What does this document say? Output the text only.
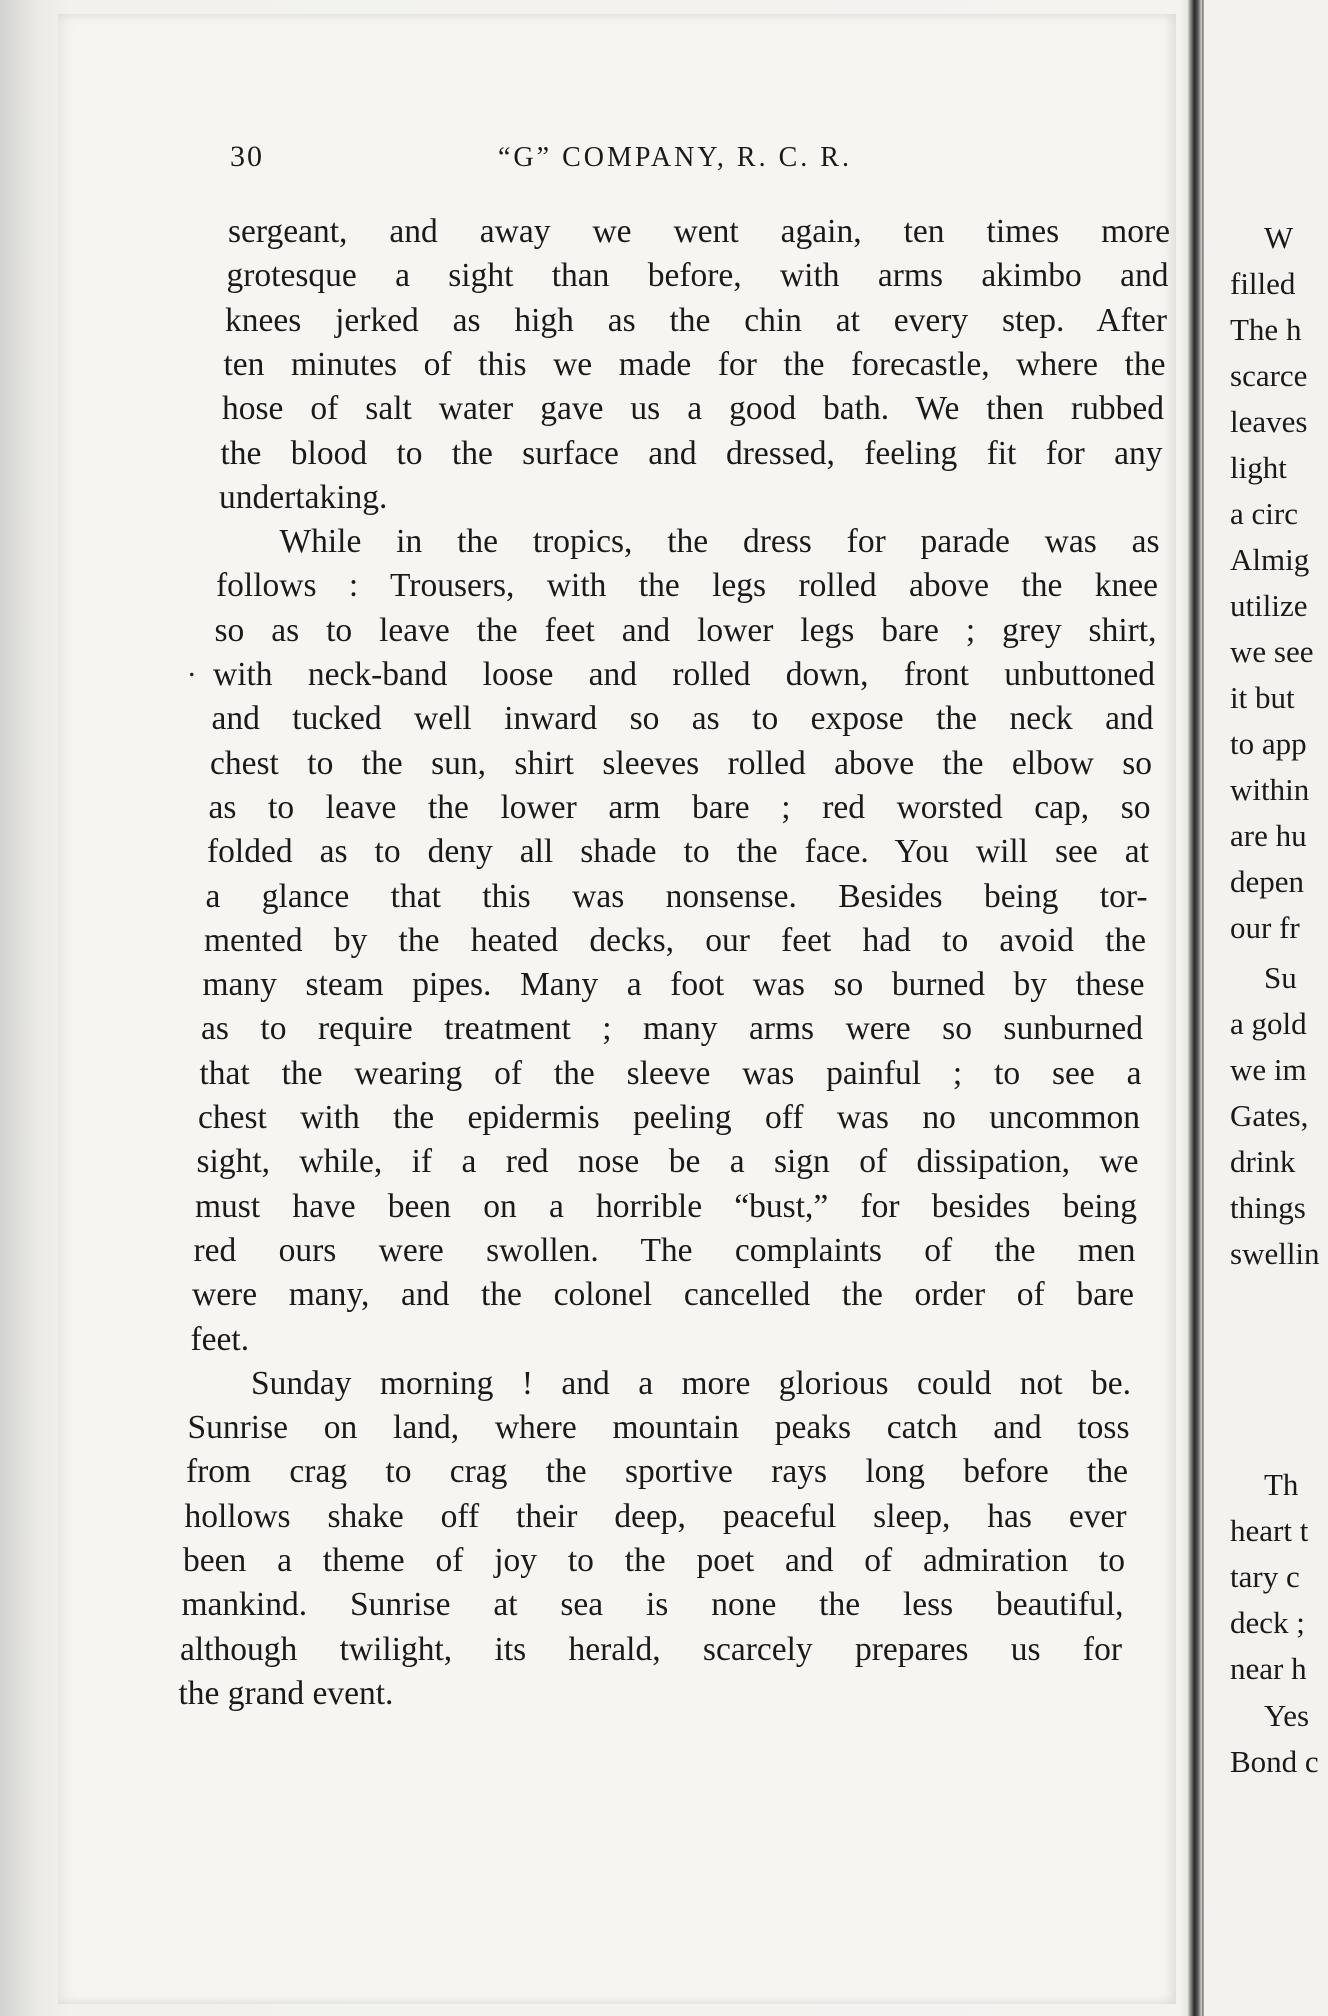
30	“G” COMPANY, R. C. R.
.
sergeant, and away we went again, ten times more
grotesque a sight than before, with arms akimbo and
knees jerked as high as the chin at every step. After
ten minutes of this we made for the forecastle, where the
hose of salt water gave us a good bath. We then rubbed
the blood to the surface and dressed, feeling fit for any
undertaking.
While in the tropics, the dress for parade was as
follows : Trousers, with the legs rolled above the knee
so as to leave the feet and lower legs bare ; grey shirt,
with neck-band loose and rolled down, front unbuttoned
and tucked well inward so as to expose the neck and
chest to the sun, shirt sleeves rolled above the elbow so
as to leave the lower arm bare ; red worsted cap, so
folded as to deny all shade to the face. You will see at
a glance that this was nonsense. Besides being tor-
mented by the heated decks, our feet had to avoid the
many steam pipes. Many a foot was so burned by these
as to require treatment ; many arms were so sunburned
that the wearing of the sleeve was painful ; to see a
chest with the epidermis peeling off was no uncommon
sight, while, if a red nose be a sign of dissipation, we
must have been on a horrible “bust,” for besides being
red ours were swollen. The complaints of the men
were many, and the colonel cancelled the order of bare
feet.
Sunday morning ! and a more glorious could not be.
Sunrise on land, where mountain peaks catch and toss
from crag to crag the sportive rays long before the
hollows shake off their deep, peaceful sleep, has ever
been a theme of joy to the poet and of admiration to
mankind. Sunrise at sea is none the less beautiful,
although twilight, its herald, scarcely prepares us for
the grand event.
W
filled
The h
scarce
leaves
light
a circ
Almig
utilize
we see
it but
to app
within
are hu
depen
our fr
Su
a gold
we im
Gates,
drink
things
swellin
Th
heart t
tary c
deck ;
near h
Yes
Bond c
